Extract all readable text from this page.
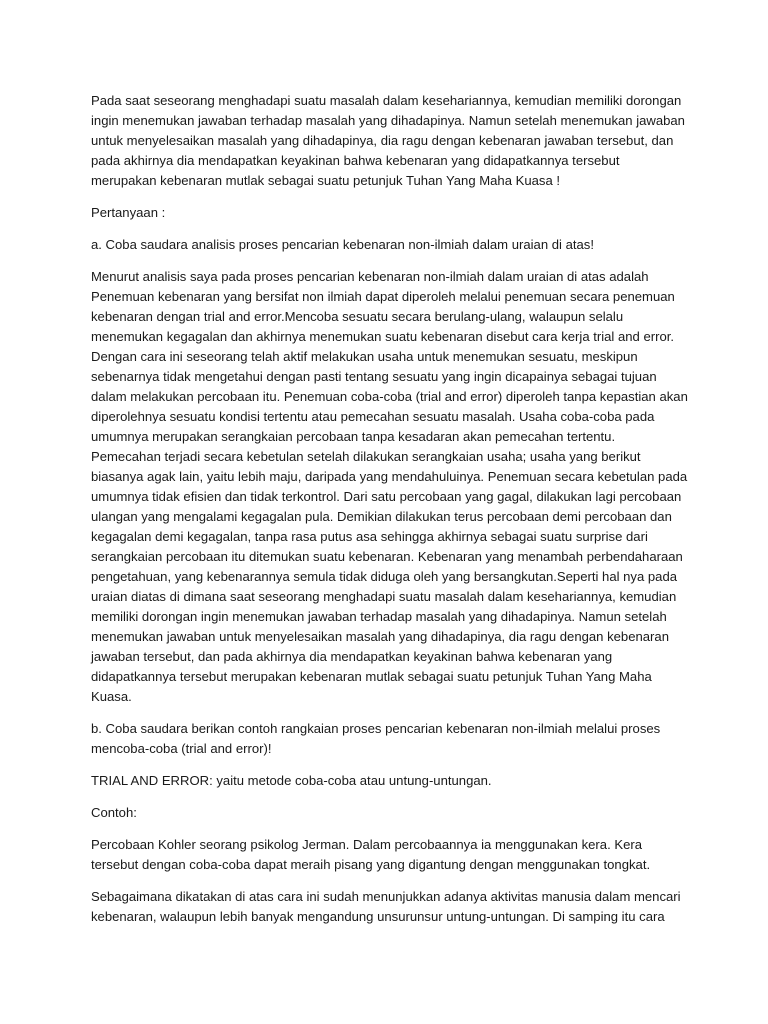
Pada saat seseorang menghadapi suatu masalah dalam kesehariannya, kemudian memiliki dorongan ingin menemukan jawaban terhadap masalah yang dihadapinya. Namun setelah menemukan jawaban untuk menyelesaikan masalah yang dihadapinya, dia ragu dengan kebenaran jawaban tersebut, dan pada akhirnya dia mendapatkan keyakinan bahwa kebenaran yang didapatkannya tersebut merupakan kebenaran mutlak sebagai suatu petunjuk Tuhan Yang Maha Kuasa !

Pertanyaan :

a. Coba saudara analisis proses pencarian kebenaran non-ilmiah dalam uraian di atas!

Menurut analisis saya pada proses pencarian kebenaran non-ilmiah dalam uraian di atas adalah Penemuan kebenaran yang bersifat non ilmiah dapat diperoleh melalui penemuan secara penemuan kebenaran dengan trial and error.Mencoba sesuatu secara berulang-ulang, walaupun selalu menemukan kegagalan dan akhirnya menemukan suatu kebenaran disebut cara kerja trial and error. Dengan cara ini seseorang telah aktif melakukan usaha untuk menemukan sesuatu, meskipun sebenarnya tidak mengetahui dengan pasti tentang sesuatu yang ingin dicapainya sebagai tujuan dalam melakukan percobaan itu. Penemuan coba-coba (trial and error) diperoleh tanpa kepastian akan diperolehnya sesuatu kondisi tertentu atau pemecahan sesuatu masalah. Usaha coba-coba pada umumnya merupakan serangkaian percobaan tanpa kesadaran akan pemecahan tertentu. Pemecahan terjadi secara kebetulan setelah dilakukan serangkaian usaha; usaha yang berikut biasanya agak lain, yaitu lebih maju, daripada yang mendahuluinya. Penemuan secara kebetulan pada umumnya tidak efisien dan tidak terkontrol. Dari satu percobaan yang gagal, dilakukan lagi percobaan ulangan yang mengalami kegagalan pula. Demikian dilakukan terus percobaan demi percobaan dan kegagalan demi kegagalan, tanpa rasa putus asa sehingga akhirnya sebagai suatu surprise dari serangkaian percobaan itu ditemukan suatu kebenaran. Kebenaran yang menambah perbendaharaan pengetahuan, yang kebenarannya semula tidak diduga oleh yang bersangkutan.Seperti hal nya pada uraian diatas di dimana saat seseorang menghadapi suatu masalah dalam kesehariannya, kemudian memiliki dorongan ingin menemukan jawaban terhadap masalah yang dihadapinya. Namun setelah menemukan jawaban untuk menyelesaikan masalah yang dihadapinya, dia ragu dengan kebenaran jawaban tersebut, dan pada akhirnya dia mendapatkan keyakinan bahwa kebenaran yang didapatkannya tersebut merupakan kebenaran mutlak sebagai suatu petunjuk Tuhan Yang Maha Kuasa.

b. Coba saudara berikan contoh rangkaian proses pencarian kebenaran non-ilmiah melalui proses mencoba-coba (trial and error)!

TRIAL AND ERROR: yaitu metode coba-coba atau untung-untungan.

Contoh:

Percobaan Kohler seorang psikolog Jerman. Dalam percobaannya ia menggunakan kera. Kera tersebut dengan coba-coba dapat meraih pisang yang digantung dengan menggunakan tongkat.

Sebagaimana dikatakan di atas cara ini sudah menunjukkan adanya aktivitas manusia dalam mencari kebenaran, walaupun lebih banyak mengandung unsurunsur untung-untungan. Di samping itu cara
